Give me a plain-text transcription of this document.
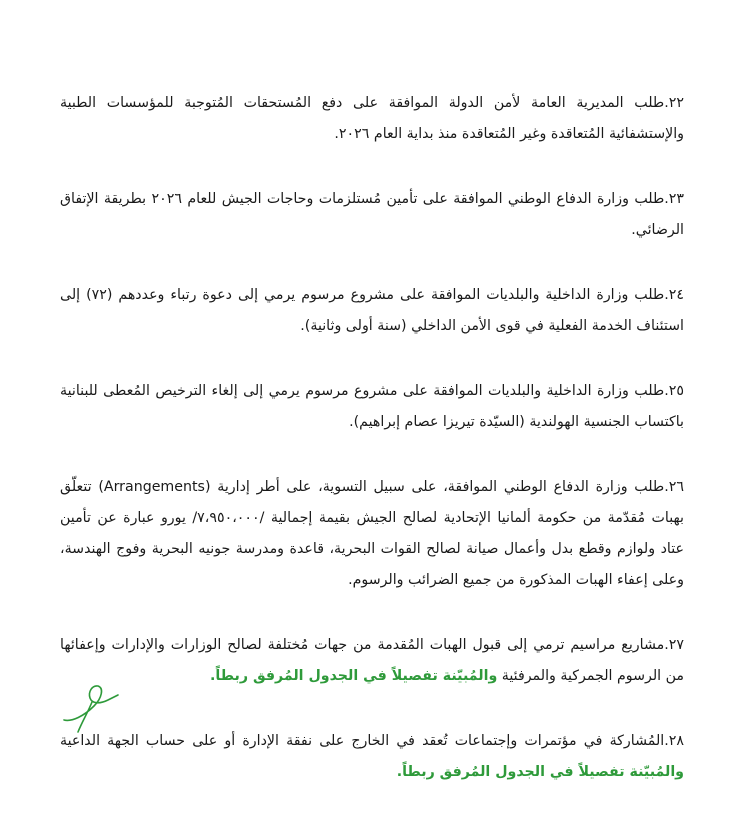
٢٢.طلب المديرية العامة لأمن الدولة الموافقة على دفع المُستحقات المُتوجبة للمؤسسات الطبية والإستشفائية المُتعاقدة وغير المُتعاقدة منذ بداية العام ٢٠٢٦.

٢٣.طلب وزارة الدفاع الوطني الموافقة على تأمين مُستلزمات وحاجات الجيش للعام ٢٠٢٦ بطريقة الإتفاق الرضائي.

٢٤.طلب وزارة الداخلية والبلديات الموافقة على مشروع مرسوم يرمي إلى دعوة رتباء وعددهم (٧٢) إلى استئناف الخدمة الفعلية في قوى الأمن الداخلي (سنة أولى وثانية).

٢٥.طلب وزارة الداخلية والبلديات الموافقة على مشروع مرسوم يرمي إلى إلغاء الترخيص المُعطى للبنانية باكتساب الجنسية الهولندية (السيّدة تيريزا عصام إبراهيم).

٢٦.طلب وزارة الدفاع الوطني الموافقة، على سبيل التسوية، على أطر إدارية (Arrangements) تتعلّق بهبات مُقدّمة من حكومة ألمانيا الإتحادية لصالح الجيش بقيمة إجمالية /٧،٩٥٠،٠٠٠/ يورو عبارة عن تأمين عتاد ولوازم وقطع بدل وأعمال صيانة لصالح القوات البحرية، قاعدة ومدرسة جونيه البحرية وفوج الهندسة، وعلى إعفاء الهبات المذكورة من جميع الضرائب والرسوم.

٢٧.مشاريع مراسيم ترمي إلى قبول الهبات المُقدمة من جهات مُختلفة لصالح الوزارات والإدارات وإعفائها من الرسوم الجمركية والمرفئية والمُبيّنة تفصيلاً في الجدول المُرفق ربطاً.

٢٨.المُشاركة في مؤتمرات وإجتماعات تُعقد في الخارج على نفقة الإدارة أو على حساب الجهة الداعية والمُبيّنة تفصيلاً في الجدول المُرفق ربطاً.
